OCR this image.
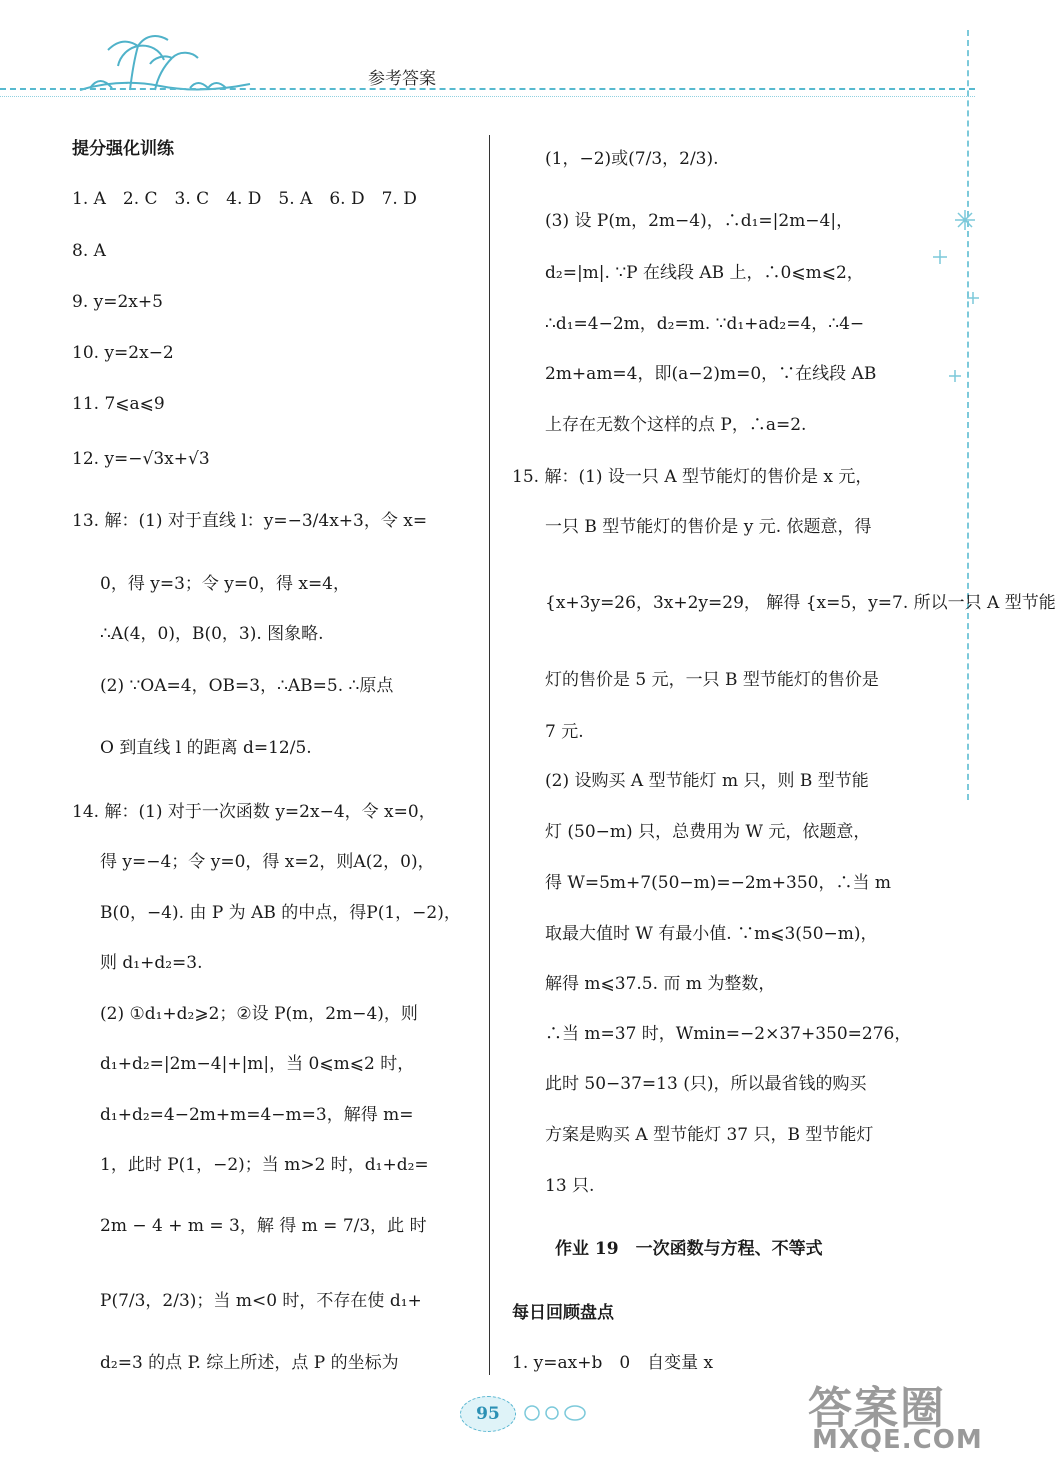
参考答案
提分强化训练
1. A　2. C　3. C　4. D　5. A　6. D　7. D
8. A
9. y=2x+5
10. y=2x−2
11. 7⩽a⩽9
12. y=−√3x+√3
13. 解：(1) 对于直线 l：y=−3/4x+3，令 x=
0，得 y=3；令 y=0，得 x=4，
∴A(4，0)，B(0，3). 图象略.
(2) ∵OA=4，OB=3，∴AB=5. ∴原点
O 到直线 l 的距离 d=12/5.
14. 解：(1) 对于一次函数 y=2x−4，令 x=0，
得 y=−4；令 y=0，得 x=2，则A(2，0)，
B(0，−4). 由 P 为 AB 的中点，得P(1，−2)，
则 d₁+d₂=3.
(2) ①d₁+d₂⩾2；②设 P(m，2m−4)，则
d₁+d₂=|2m−4|+|m|，当 0⩽m⩽2 时，
d₁+d₂=4−2m+m=4−m=3，解得 m=
1，此时 P(1，−2)；当 m>2 时，d₁+d₂=
2m − 4 + m = 3，解 得 m = 7/3，此 时
P(7/3，2/3)；当 m<0 时，不存在使 d₁+
d₂=3 的点 P. 综上所述，点 P 的坐标为
(1，−2)或(7/3，2/3).
(3) 设 P(m，2m−4)，∴d₁=|2m−4|，
d₂=|m|. ∵P 在线段 AB 上，∴0⩽m⩽2，
∴d₁=4−2m，d₂=m. ∵d₁+ad₂=4，∴4−
2m+am=4，即(a−2)m=0，∵在线段 AB
上存在无数个这样的点 P，∴a=2.
15. 解：(1) 设一只 A 型节能灯的售价是 x 元，
一只 B 型节能灯的售价是 y 元. 依题意，得
{x+3y=26，3x+2y=29， 解得 {x=5，y=7. 所以一只 A 型节能
灯的售价是 5 元，一只 B 型节能灯的售价是
7 元.
(2) 设购买 A 型节能灯 m 只，则 B 型节能
灯 (50−m) 只，总费用为 W 元，依题意，
得 W=5m+7(50−m)=−2m+350，∴当 m
取最大值时 W 有最小值. ∵m⩽3(50−m)，
解得 m⩽37.5. 而 m 为整数，
∴当 m=37 时，Wmin=−2×37+350=276，
此时 50−37=13 (只)，所以最省钱的购买
方案是购买 A 型节能灯 37 只，B 型节能灯
13 只.
作业 19　一次函数与方程、不等式
每日回顾盘点
1. y=ax+b　0　自变量 x
95	答案圈
MXQE.COM
